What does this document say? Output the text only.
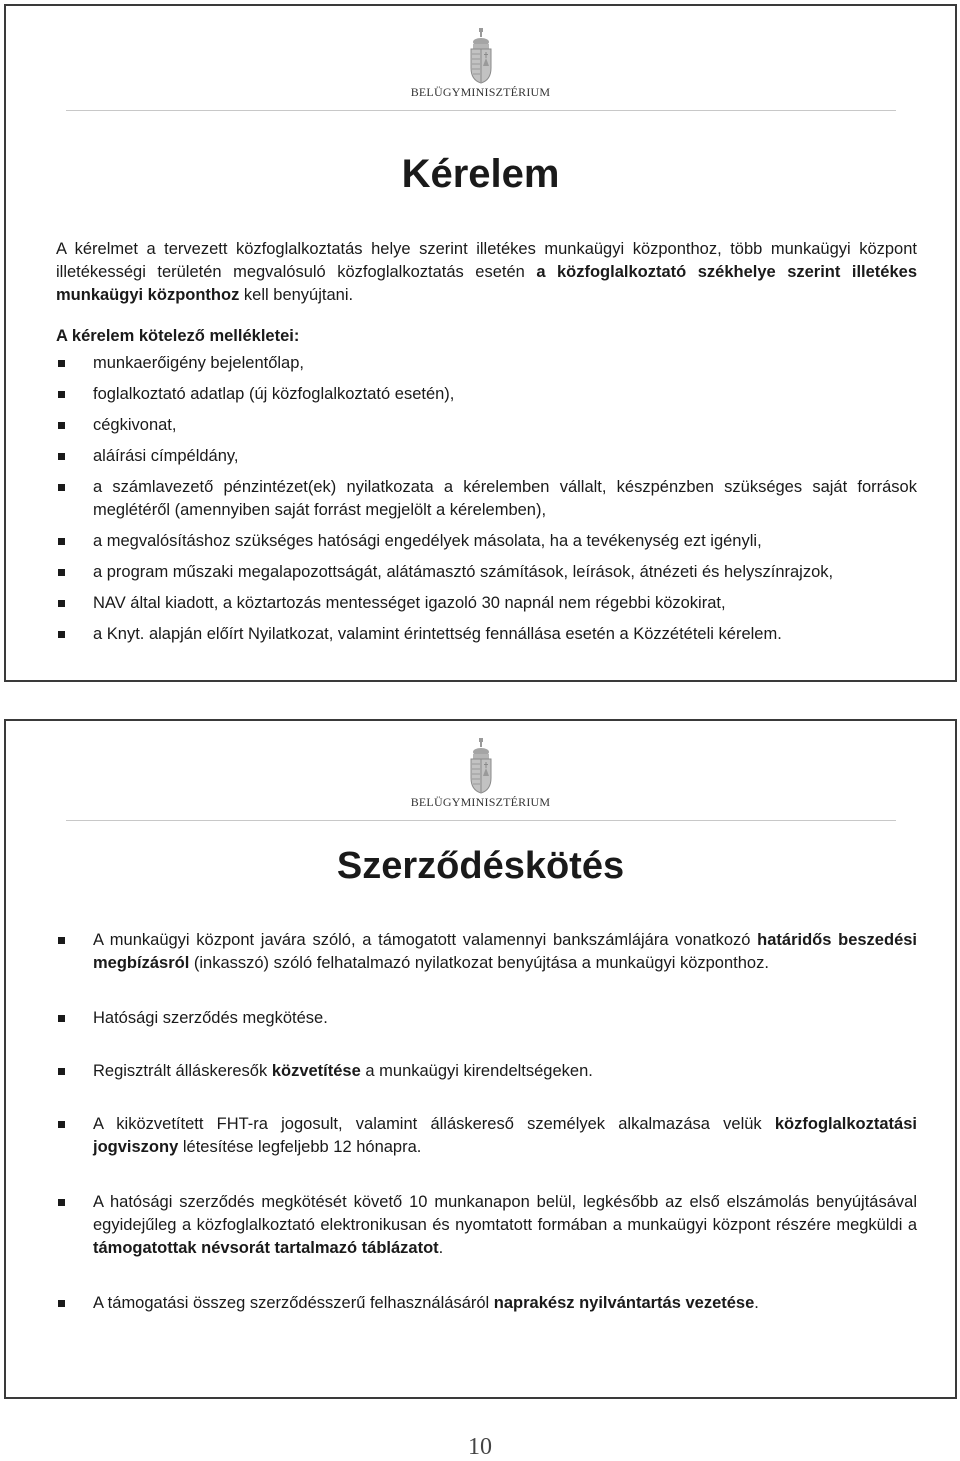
BELÜGYMINISZTÉRIUM
Kérelem

A kérelmet a tervezett közfoglalkoztatás helye szerint illetékes munkaügyi központhoz, több munkaügyi központ illetékességi területén megvalósuló közfoglalkoztatás esetén a közfoglalkoztató székhelye szerint illetékes munkaügyi központhoz kell benyújtani.

A kérelem kötelező mellékletei:
munkaerőigény bejelentőlap,
foglalkoztató adatlap (új közfoglalkoztató esetén),
cégkivonat,
aláírási címpéldány,
a számlavezető pénzintézet(ek) nyilatkozata a kérelemben vállalt, készpénzben szükséges saját források meglétéről (amennyiben saját forrást megjelölt a kérelemben),
a megvalósításhoz szükséges hatósági engedélyek másolata, ha a tevékenység ezt igényli,
a program műszaki megalapozottságát, alátámasztó számítások, leírások, átnézeti és helyszínrajzok,
NAV által kiadott, a köztartozás mentességet igazoló 30 napnál nem régebbi közokirat,
a Knyt. alapján előírt Nyilatkozat, valamint érintettség fennállása esetén a Közzétételi kérelem.
BELÜGYMINISZTÉRIUM
Szerződéskötés
A munkaügyi központ javára szóló, a támogatott valamennyi bankszámlájára vonatkozó határidős beszedési megbízásról (inkasszó) szóló felhatalmazó nyilatkozat benyújtása a munkaügyi központhoz.
Hatósági szerződés megkötése.
Regisztrált álláskeresők közvetítése a munkaügyi kirendeltségeken.
A kiközvetített FHT-ra jogosult, valamint álláskereső személyek alkalmazása velük közfoglalkoztatási jogviszony létesítése legfeljebb 12 hónapra.
A hatósági szerződés megkötését követő 10 munkanapon belül, legkésőbb az első elszámolás benyújtásával egyidejűleg a közfoglalkoztató elektronikusan és nyomtatott formában a munkaügyi központ részére megküldi a támogatottak névsorát tartalmazó táblázatot.
A támogatási összeg szerződésszerű felhasználásáról naprakész nyilvántartás vezetése.
10
